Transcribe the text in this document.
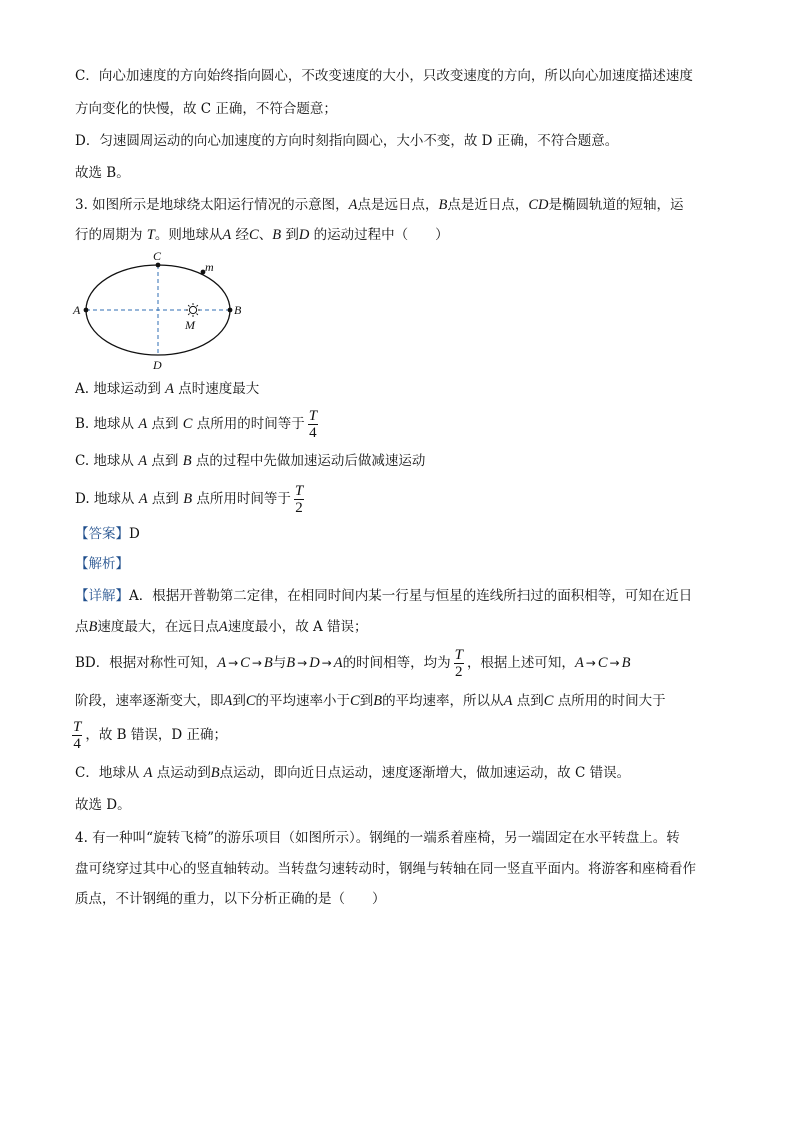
C．向心加速度的方向始终指向圆心，不改变速度的大小，只改变速度的方向，所以向心加速度描述速度
方向变化的快慢，故 C 正确，不符合题意；
D．匀速圆周运动的向心加速度的方向时刻指向圆心，大小不变，故 D 正确，不符合题意。
故选 B。
3. 如图所示是地球绕太阳运行情况的示意图，A点是远日点，B点是近日点，CD是椭圆轨道的短轴，运
行的周期为 T。则地球从A 经C、B 到D 的运动过程中（　　）
A	B
C
D
m
M
A. 地球运动到 A 点时速度最大
B. 地球从 A 点到 C 点所用的时间等于 $\frac{T}{4}$
C. 地球从 A 点到 B 点的过程中先做加速运动后做减速运动
D. 地球从 A 点到 B 点所用时间等于 $\frac{T}{2}$
【答案】D
【解析】
【详解】A．根据开普勒第二定律，在相同时间内某一行星与恒星的连线所扫过的面积相等，可知在近日
点B速度最大，在远日点A速度最小，故 A 错误；
BD．根据对称性可知，A → C → B与B → D → A的时间相等，均为 $\frac{T}{2}$ ，根据上述可知，A → C → B
阶段，速率逐渐变大，即A到C的平均速率小于C到B的平均速率，所以从A 点到C 点所用的时间大于
$\frac{T}{4}$ ，故 B 错误，D 正确；
C．地球从 A 点运动到B点运动，即向近日点运动，速度逐渐增大，做加速运动，故 C 错误。
故选 D。
4. 有一种叫“旋转飞椅”的游乐项目（如图所示）。钢绳的一端系着座椅，另一端固定在水平转盘上。转
盘可绕穿过其中心的竖直轴转动。当转盘匀速转动时，钢绳与转轴在同一竖直平面内。将游客和座椅看作
质点，不计钢绳的重力，以下分析正确的是（　　）
